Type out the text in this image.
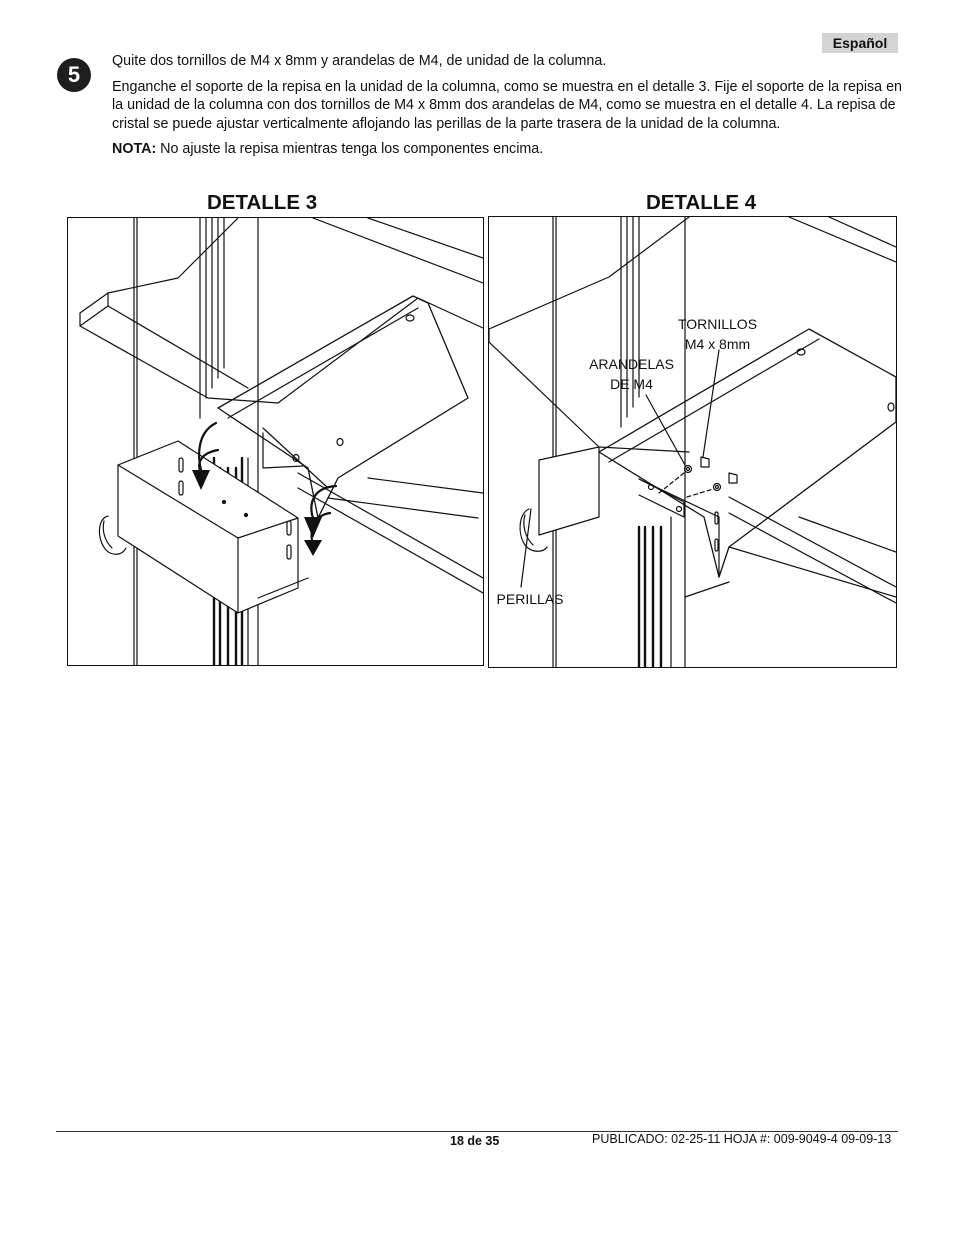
Español
5

Quite dos tornillos de M4 x 8mm y arandelas de M4, de unidad de la columna.

Enganche el soporte de la repisa en la unidad de la columna, como se muestra en el detalle 3. Fije el soporte de la repisa en la unidad de la columna con dos tornillos de M4 x 8mm dos arandelas de M4, como se muestra en el detalle 4. La repisa de cristal se puede ajustar verticalmente aflojando las perillas de la parte trasera de la unidad de la columna.

NOTA: No ajuste la repisa mientras tenga los componentes encima.

DETALLE 3	DETALLE 4
TORNILLOS
M4 x 8mm
ARANDELAS
DE M4
PERILLAS
18 de 35	PUBLICADO: 02-25-11 HOJA #: 009-9049-4 09-09-13
